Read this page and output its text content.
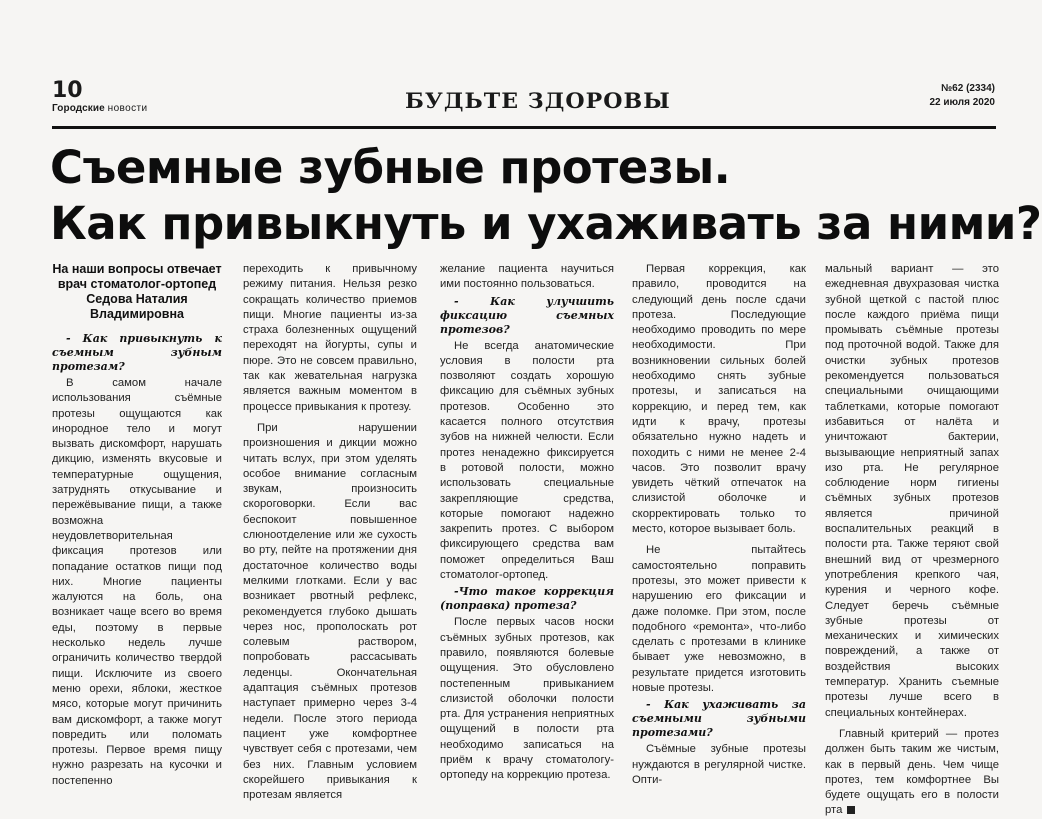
10
Городские новости	БУДЬТЕ ЗДОРОВЫ	№62 (2334)
22 июля 2020
Съемные зубные протезы.
Как привыкнуть и ухаживать за ними?
На наши вопросы отвечает врач стоматолог-ортопед Седова Наталия Владимировна
- Как привыкнуть к съемным зубным протезам?

В самом начале использования съёмные протезы ощущаются как инородное тело и могут вызвать дискомфорт, нарушать дикцию, изменять вкусовые и температурные ощущения, затруднять откусывание и пережёвывание пищи, а также возможна неудовлетворительная фиксация протезов или попадание остатков пищи под них. Многие пациенты жалуются на боль, она возникает чаще всего во время еды, поэтому в первые несколько недель лучше ограничить количество твердой пищи. Исключите из своего меню орехи, яблоки, жесткое мясо, которые могут причинить вам дискомфорт, а также могут повредить или поломать протезы. Первое время пищу нужно разрезать на кусочки и постепенно

переходить к привычному режиму питания. Нельзя резко сокращать количество приемов пищи. Многие пациенты из-за страха болезненных ощущений переходят на йогурты, супы и пюре. Это не совсем правильно, так как жевательная нагрузка является важным моментом в процессе привыкания к протезу.

При нарушении произношения и дикции можно читать вслух, при этом уделять особое внимание согласным звукам, произносить скороговорки. Если вас беспокоит повышенное слюноотделение или же сухость во рту, пейте на протяжении дня достаточное количество воды мелкими глотками. Если у вас возникает рвотный рефлекс, рекомендуется глубоко дышать через нос, прополоскать рот солевым раствором, попробовать рассасывать леденцы. Окончательная адаптация съёмных протезов наступает примерно через 3-4 недели. После этого периода пациент уже комфортнее чувствует себя с протезами, чем без них. Главным условием скорейшего привыкания к протезам является

желание пациента научиться ими постоянно пользоваться.

- Как улучшить фиксацию съемных протезов?

Не всегда анатомические условия в полости рта позволяют создать хорошую фиксацию для съёмных зубных протезов. Особенно это касается полного отсутствия зубов на нижней челюсти. Если протез ненадежно фиксируется в ротовой полости, можно использовать специальные закрепляющие средства, которые помогают надежно закрепить протез. С выбором фиксирующего средства вам поможет определиться Ваш стоматолог-ортопед.

-Что такое коррекция (поправка) протеза?

После первых часов носки съёмных зубных протезов, как правило, появляются болевые ощущения. Это обусловлено постепенным привыканием слизистой оболочки полости рта. Для устранения неприятных ощущений в полости рта необходимо записаться на приём к врачу стоматологу-ортопеду на коррекцию протеза.

Первая коррекция, как правило, проводится на следующий день после сдачи протеза. Последующие необходимо проводить по мере необходимости. При возникновении сильных болей необходимо снять зубные протезы, и записаться на коррекцию, и перед тем, как идти к врачу, протезы обязательно нужно надеть и походить с ними не менее 2-4 часов. Это позволит врачу увидеть чёткий отпечаток на слизистой оболочке и скорректировать только то место, которое вызывает боль.

Не пытайтесь самостоятельно поправить протезы, это может привести к нарушению его фиксации и даже поломке. При этом, после подобного «ремонта», что-либо сделать с протезами в клинике бывает уже невозможно, в результате придется изготовить новые протезы.

- Как ухаживать за съемными зубными протезами?

Съёмные зубные протезы нуждаются в регулярной чистке. Опти-

мальный вариант — это ежедневная двухразовая чистка зубной щеткой с пастой плюс после каждого приёма пищи промывать съёмные протезы под проточной водой. Также для очистки зубных протезов рекомендуется пользоваться специальными очищающими таблетками, которые помогают избавиться от налёта и уничтожают бактерии, вызывающие неприятный запах изо рта. Не регулярное соблюдение норм гигиены съёмных зубных протезов является причиной воспалительных реакций в полости рта. Также теряют свой внешний вид от чрезмерного употребления крепкого чая, курения и черного кофе. Следует беречь съёмные зубные протезы от механических и химических повреждений, а также от воздействия высоких температур. Хранить съемные протезы лучше всего в специальных контейнерах.

Главный критерий — протез должен быть таким же чистым, как в первый день. Чем чище протез, тем комфортнее Вы будете ощущать его в полости рта
